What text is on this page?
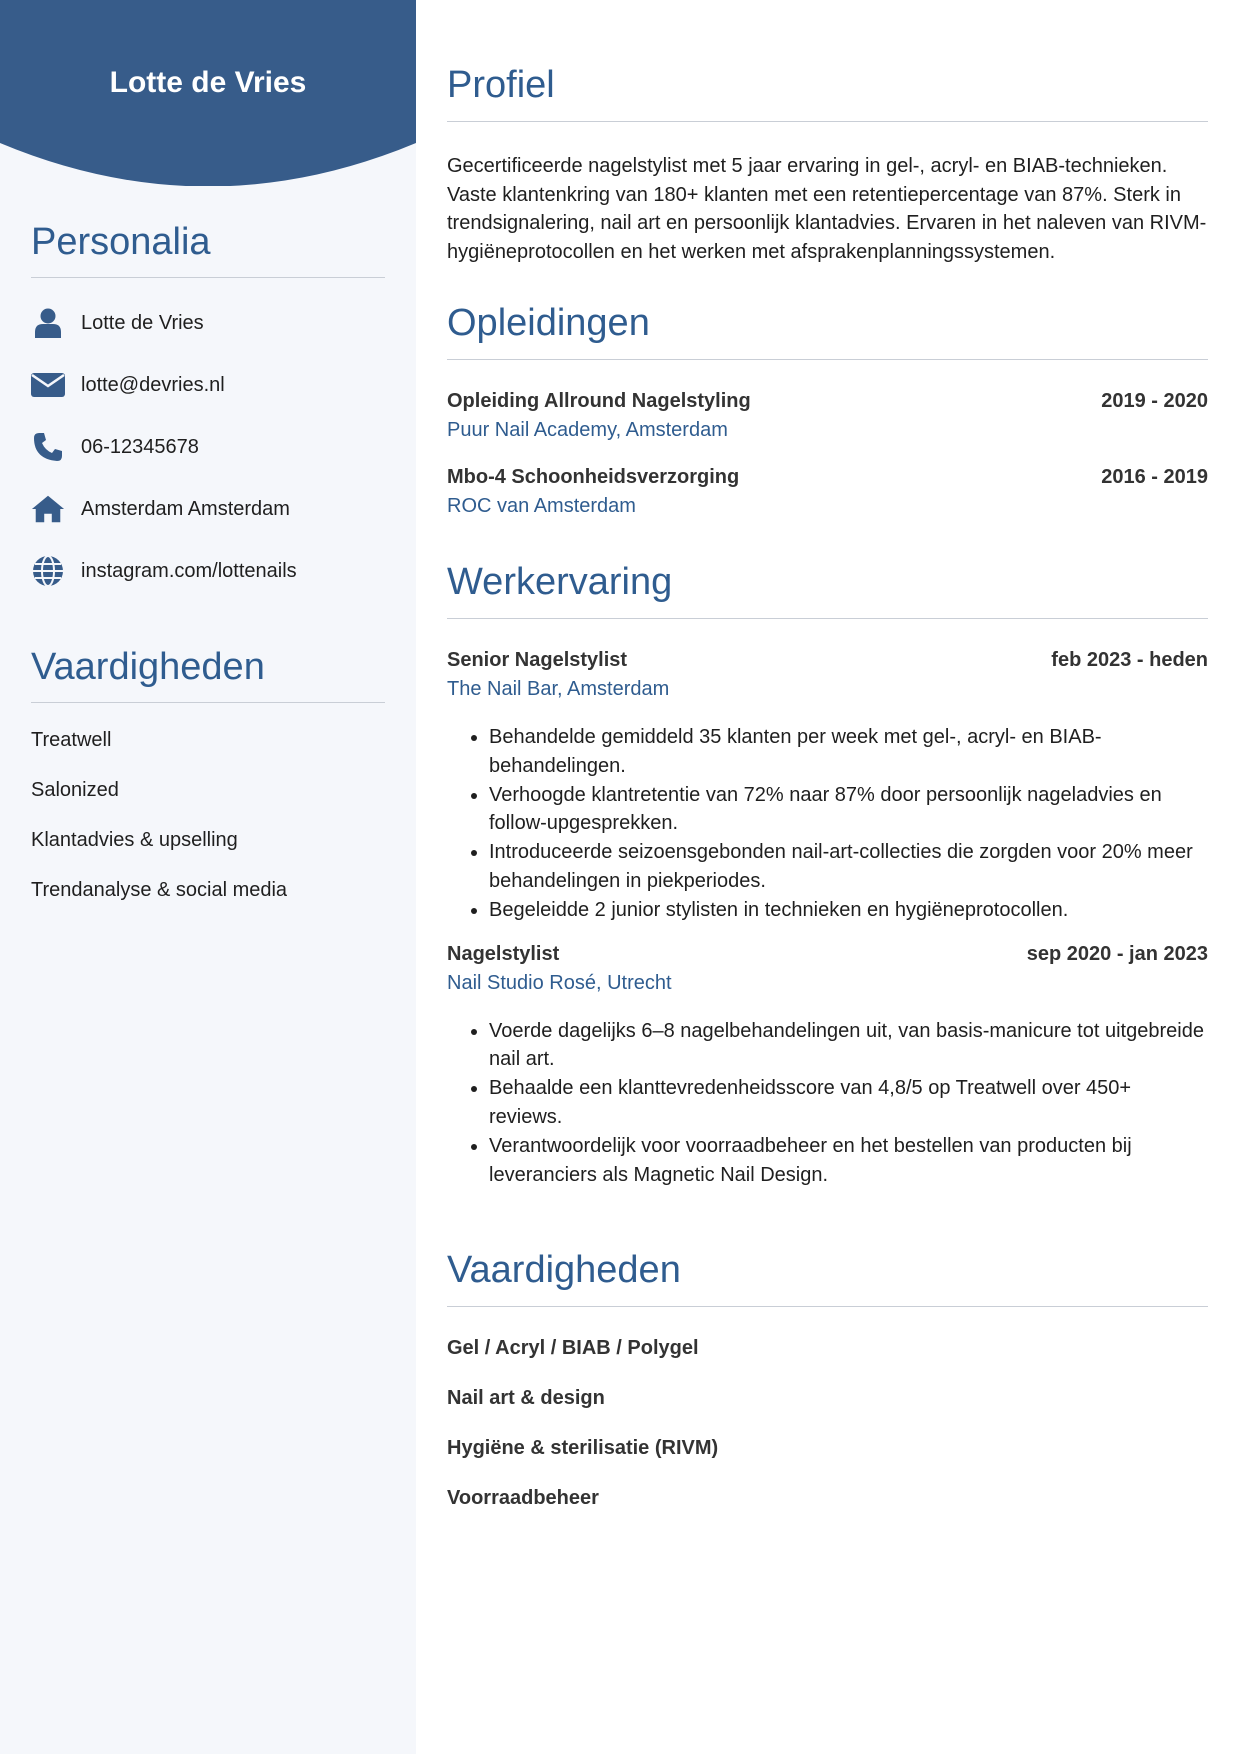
Lotte de Vries
Personalia
Lotte de Vries
lotte@devries.nl
06-12345678
Amsterdam Amsterdam
instagram.com/lottenails
Vaardigheden
Treatwell
Salonized
Klantadvies & upselling
Trendanalyse & social media
Profiel

Gecertificeerde nagelstylist met 5 jaar ervaring in gel-, acryl- en BIAB-technieken. Vaste klantenkring van 180+ klanten met een retentiepercentage van 87%. Sterk in trendsignalering, nail art en persoonlijk klantadvies. Ervaren in het naleven van RIVM-hygiëneprotocollen en het werken met afsprakenplanningssystemen.

Opleidingen
Opleiding Allround Nagelstyling	2019 - 2020
Puur Nail Academy, Amsterdam
Mbo-4 Schoonheidsverzorging	2016 - 2019
ROC van Amsterdam
Werkervaring
Senior Nagelstylist	feb 2023 - heden
The Nail Bar, Amsterdam
• Behandelde gemiddeld 35 klanten per week met gel-, acryl- en BIAB-behandelingen.
• Verhoogde klantretentie van 72% naar 87% door persoonlijk nageladvies en follow-upgesprekken.
• Introduceerde seizoensgebonden nail-art-collecties die zorgden voor 20% meer behandelingen in piekperiodes.
• Begeleidde 2 junior stylisten in technieken en hygiëneprotocollen.
Nagelstylist	sep 2020 - jan 2023
Nail Studio Rosé, Utrecht
• Voerde dagelijks 6–8 nagelbehandelingen uit, van basis-manicure tot uitgebreide nail art.
• Behaalde een klanttevredenheidsscore van 4,8/5 op Treatwell over 450+ reviews.
• Verantwoordelijk voor voorraadbeheer en het bestellen van producten bij leveranciers als Magnetic Nail Design.
Vaardigheden
Gel / Acryl / BIAB / Polygel
Nail art & design
Hygiëne & sterilisatie (RIVM)
Voorraadbeheer
